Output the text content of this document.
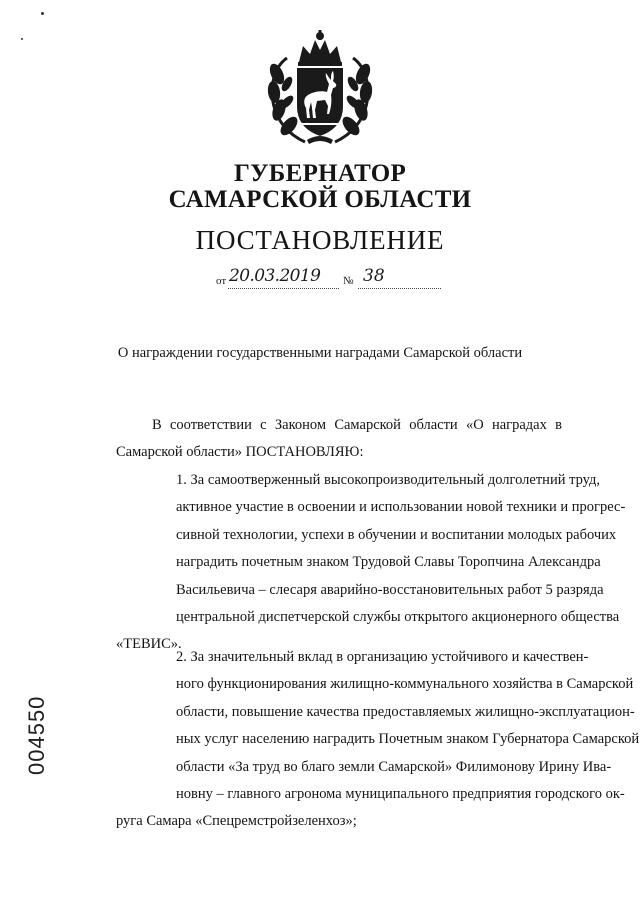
ГУБЕРНАТОР
САМАРСКОЙ ОБЛАСТИ
ПОСТАНОВЛЕНИЕ
от 20.03.2019 № 38
О награждении государственными наградами Самарской области
В соответствии с Законом Самарской области «О наградах в Самарской области» ПОСТАНОВЛЯЮ:
1. За самоотверженный высокопроизводительный долголетний труд,
активное участие в освоении и использовании новой техники и прогрес-
сивной технологии, успехи в обучении и воспитании молодых рабочих
наградить почетным знаком Трудовой Славы Торопчина Александра
Васильевича – слесаря аварийно-восстановительных работ 5 разряда
центральной диспетчерской службы открытого акционерного общества
«ТЕВИС».
2. За значительный вклад в организацию устойчивого и качествен-
ного функционирования жилищно-коммунального хозяйства в Самарской
области, повышение качества предоставляемых жилищно-эксплуатацион-
ных услуг населению наградить Почетным знаком Губернатора Самарской
области «За труд во благо земли Самарской» Филимонову Ирину Ива-
новну – главного агронома муниципального предприятия городского ок-
руга Самара «Спецремстройзеленхоз»;
004550
